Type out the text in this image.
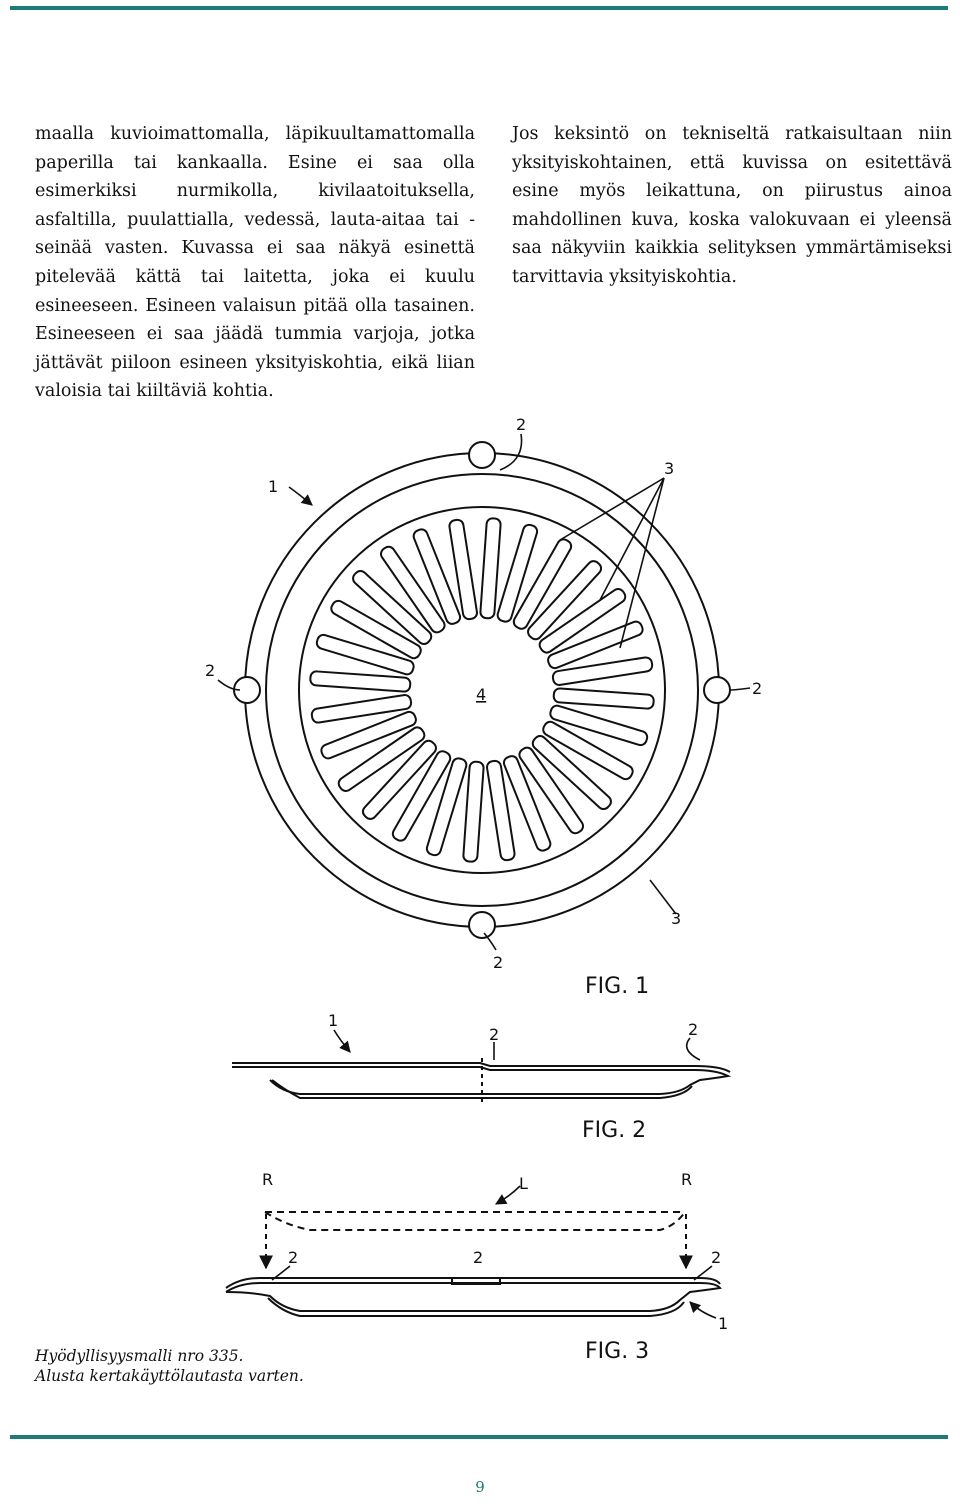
maalla kuvioimattomalla, läpikuultamattomalla paperilla tai kankaalla. Esine ei saa olla esimerkiksi nurmikolla, kivilaatoituksella, asfaltilla, puulattialla, vedessä, lauta-aitaa tai -seinää vasten. Kuvassa ei saa näkyä esinettä pitelevää kättä tai laitetta, joka ei kuulu esineeseen. Esineen valaisun pitää olla tasainen. Esineeseen ei saa jäädä tummia varjoja, jotka jättävät piiloon esineen yksityiskohtia, eikä liian valoisia tai kiiltäviä kohtia.
Jos keksintö on tekniseltä ratkaisultaan niin yksityiskohtainen, että kuvissa on esitettävä esine myös leikattuna, on piirustus ainoa mahdollinen kuva, koska valokuvaan ei yleensä saa näkyviin kaikkia selityksen ymmärtämiseksi tarvittavia yksityiskohtia.
1
2
3
2
4	2
3
2
FIG. 1
1
2	2
FIG. 2
R	L	R
2	2	2
1
FIG. 3
Hyödyllisyysmalli nro 335.
Alusta kertakäyttölautasta varten.
9
